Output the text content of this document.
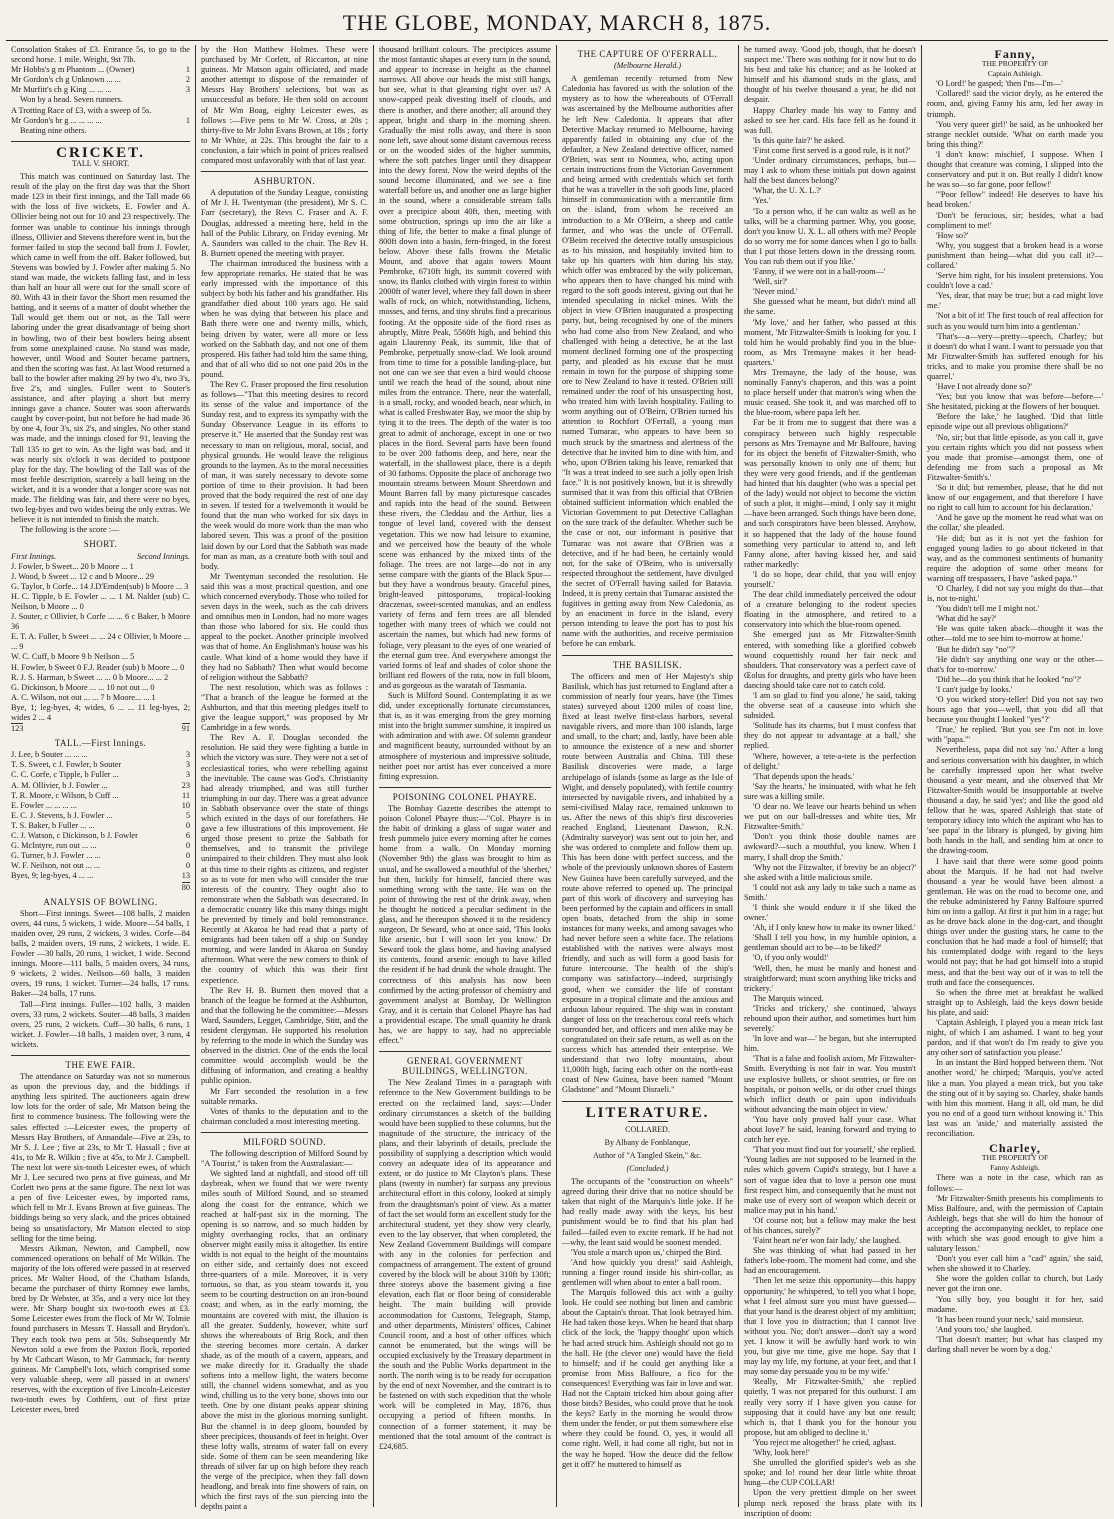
THE GLOBE, MONDAY, MARCH 8, 1875.

Consolation Stakes of £3. Entrance 5s, to go to the second horse. 1 mile. Weight, 9st 7lb.

Mr Hobbs's g m Phantom ... (Owner)	1
Mr Gordon's ch g Unknown ... ...	2
Mr Murfitt's ch g King ... ... ...	3

Won by a head. Seven runners.

A Trotting Race of £3, with a sweep of 5s.

Mr Gordon's br g ... ... ... ...	1

Beating nine others.

CRICKET.
TALL V. SHORT.

This match was continued on Saturday last. The result of the play on the first day was that the Short made 123 in their first innings, and the Tall made 66 with the loss of five wickets, E. Fowler and A. Ollivier being not out for 10 and 23 respectively. The former was unable to continue his innings through illness, Ollivier and Stevens therefore went in, but the former failed to stop the second ball from J. Fowler, which came in well from the off. Baker followed, but Stevens was bowled by J. Fowler after making 5. No stand was made, the wickets falling fast, and in less than half an hour all were out for the small score of 80. With 43 in their favor the Short men resumed the batting, and it seems of a matter of doubt whether the Tall would get them out or not, as the Tall were laboring under the great disadvantage of being short in bowling, two of their best bowlers being absent from some unexplained cause. No stand was made, however, until Wood and Souter became partners, and then the scoring was fast. At last Wood returned a ball to the bowler after making 29 by two 4's, two 3's, five 2's, and singles. Fuller went to Souter's assistance, and after playing a short but merry innings gave a chance. Souter was soon afterwards caught by cover-point, but not before he had made 36 by one 4, four 3's, six 2's, and singles. No other stand was made, and the innings closed for 91, leaving the Tall 135 to get to win. As the light was bad, and it was nearly six o'clock it was decided to postpone play for the day. The bowling of the Tall was of the most feeble description, scarcely a ball being on the wicket, and it is a wonder that a longer score was not made. The fielding was fair, and there were no byes, two leg-byes and two wides being the only extras. We believe it is not intended to finish the match.

The following is the score :—

SHORT.
First Innings.	Second Innings.

J. Fowler, b Sweet... 20 b Moore ... 1

J. Wood, b Sweet ... 12 c and b Moore... 29

G. Taylor, b Corfe... 14 J.D'Emden(sub) b Moore ... 3

H. C. Tipple, b E. Fowler ... ... 1 M. Nalder (sub) C. Neilson, b Moore ... 0

J. Souter, c Ollivier, b Corfe ... ... 6 c Baker, b Moore 36

E. T. A. Fuller, b Sweet ... ... 24 c Ollivier, b Moore ... ... 9

W. C. Cuff, b Moore 9 b Neilson ... 5

H. Fowler, b Sweet 0 F.J. Reader (sub) b Moore ... 0

R. J. S. Harman, b Sweet ... ... 0 b Moore... ... 2

G. Dickinson, b Moore ... ... 10 not out ... 0

A. C. Wilson, not out ... ... 7 b Moore... ... 1

Bye, 1; leg-byes, 4; wides, 6 ... ... 11 leg-byes, 2; wides 2 ... 4

123	91
TALL.—First Innings.
J. Lee, b Souter ... ... ...	3
T. S. Sweet, c J. Fowler, b Souter	3
C. C. Corfe, c Tipple, b Fuller ...	3
A. M. Ollivier, b J. Fowler ...	23
T. R. Moore, c Wilson, b Cuff ...	11
E. Fowler ... ... ... ...	10
E. C. J. Stevens, b J. Fowler ...	5
T. S. Baker, b Fuller ... ...	0
C. J. Watson, c Dickinson, b J. Fowler	6
G. McIntyre, run out ... ...	0
G. Turner, b J. Fowler ... ...	0
W. F. Neilson, not out ... ...	0
Byes, 9; leg-byes, 4 ... ...	13
80
ANALYSIS OF BOWLING.

Short—First innings. Sweet—108 balls, 2 maiden overs, 44 runs, 5 wickets, 1 wide. Moore—54 balls, 1 maiden over, 29 runs, 2 wickets, 3 wides. Corfe—84 balls, 2 maiden overs, 19 runs, 2 wickets, 1 wide. E. Fowler —30 balls, 20 runs, 1 wicket, 1 wide. Second innings. Moore—111 balls, 5 maiden overs, 34 runs, 9 wickets, 2 wides. Neilson—60 balls, 3 maiden overs, 19 runs, 1 wicket. Turner—24 balls, 17 runs. Baker—24 balls, 17 runs.

Tall—First innings. Fuller—102 balls, 3 maiden overs, 33 runs, 2 wickets. Souter—48 balls, 3 maiden overs, 25 runs, 2 wickets. Cuff—30 balls, 6 runs, 1 wicket. J. Fowler—18 balls, 1 maiden over, 3 runs, 4 wickets.

THE EWE FAIR.

The attendance on Saturday was not so numerous as upon the previous day, and the biddings if anything less spirited. The auctioneers again drew low lots for the order of sale, Mr Matson being the first to commence business. The following were the sales effected :—Leicester ewes, the property of Messrs Hay Brothers, of Annandale—Five at 23s, to Mr S. J. Lee ; five at 23s, to Mr T. Hassall ; five at 41s, to Mr R. Wilkin ; five at 45s, to Mr J. Campbell. The next lot were six-tooth Leicester ewes, of which Mr J. Lee secured two pens at five guineas, and Mr Corlett two pens at the same figure. The next lot was a pen of five Leicester ewes, by imported rams, which fell to Mr J. Evans Brown at five guineas. The biddings being so very slack, and the prices obtained being so unsatisfactory, Mr Matson elected to stop selling for the time being.

Messrs Aikman, Newton, and Campbell, now commenced operations on behalf of Mr Wilkin. The majority of the lots offered were passed in at reserved prices. Mr Walter Hood, of the Chatham Islands, became the purchaser of thirty Romney ewe lambs, bred by Dr Webster, at 35s, and a very nice lot they were. Mr Sharp bought six two-tooth ewes at £3. Some Leicester ewes from the flock of Mr W. Tolmie found purchasers in Messrs T. Hassall and Brydon's. They each took two pens at 50s. Subsequently Mr Newton sold a ewe from the Paxton flock, reported by Mr Cathcart Wason, to Mr Gammack, for twenty guineas. Mr Campbell's lots, which comprised some very valuable sheep, were all passed in at owners' reserves, with the exception of five Lincoln-Leicester two-tooth ewes by Cothfern, out of first prize Leicester ewes, bred

by the Hon Matthew Holmes. These were purchased by Mr Corlett, of Riccarton, at nine guineas. Mr Matson again officiated, and made another attempt to dispose of the remainder of Messrs Hay Brothers' selections, but was as unsuccessful as before. He then sold on account of Mr Wm Boag, eighty Leicester ewes, as follows :—Five pens to Mr W. Cross, at 20s ; thirty-five to Mr John Evans Brown, at 18s ; forty to Mr White, at 22s. This brought the fair to a conclusion, a fair which in point of prices realised compared most unfavorably with that of last year.

ASHBURTON.

A deputation of the Sunday League, consisting of Mr J. H. Twentyman (the president), Mr S. C. Farr (secretary), the Revs C. Fraser and A. F. Douglas, addressed a meeting here, held in the hall of the Public Library, on Friday evening. Mr A. Saunders was called to the chair. The Rev H. B. Burnett opened the meeting with prayer.

The chairman introduced the business with a few appropriate remarks. He stated that he was early impressed with the importance of this subject by both his father and his grandfather. His grandfather died about 100 years ago. He said when he was dying that between his place and Bath there were one and twenty mills, which, being driven by water, were all more or less worked on the Sabbath day, and not one of them prospered. His father had told him the same thing, and that of all who did so not one paid 20s in the pound.

The Rev C. Fraser proposed the first resolution as follows—"That this meeting desires to record its sense of the value and importance of the Sunday rest, and to express its sympathy with the Sunday Observance League in its efforts to preserve it." He asserted that the Sunday rest was necessary to man on religious, moral, social, and physical grounds. He would leave the religious grounds to the laymen. As to the moral necessities of man, it was surely necessary to devote some portion of time to their provision. It had been proved that the body required the rest of one day in seven. If tested for a twelvemonth it would be found that the man who worked for six days in the week would do more work than the man who labored seven. This was a proof of the position laid down by our Lord that the Sabbath was made for man as man, as a creature both with soul and body.

Mr Twentyman seconded the resolution. He said this was a most practical question, and one which concerned everybody. Those who toiled for seven days in the week, such as the cab drivers and omnibus men in London, had no more wages than those who labored for six. He could thus appeal to the pocket. Another principle involved was that of home. An Englishman's house was his castle. What kind of a home would they have if they had no Sabbath? Then what would become of religion without the Sabbath?

The next resolution, which was as follows : "That a branch of the league be formed at the Ashburton, and that this meeting pledges itself to give the league support," was proposed by Mr Cambridge in a few words.

The Rev A. F. Douglas seconded the resolution. He said they were fighting a battle in which the victory was sure. They were not a set of ecclesiastical tories, who were rebelling against the inevitable. The cause was God's. Christianity had already triumphed, and was still further triumphing in our day. There was a great advance in Sabbath observance over the state of things which existed in the days of our forefathers. He gave a few illustrations of this improvement. He urged those present to prize the Sabbath for themselves, and to transmit the privilege unimpaired to their children. They must also look at this time to their rights as citizens, and register so as to vote for men who will consider the true interests of the country. They ought also to remonstrate when the Sabbath was desecrated. In a democratic country like this many things might be prevented by timely and bold remonstrance. Recently at Akaroa he had read that a party of emigrants had been taken off a ship on Sunday morning, and were landed in Akaroa on Sunday afternoon. What were the new comers to think of the country of which this was their first experience.

The Rev H. B. Burnett then moved that a branch of the league be formed at the Ashburton, and that the following be the committee:—Messrs Ward, Saunders, Legget, Cambridge, Stitt, and the resident clergyman. He supported his resolution by referring to the mode in which the Sunday was observed in the district. One of the ends the local committee would accomplish would be the diffusing of information, and creating a healthy public opinion.

Mr Farr seconded the resolution in a few suitable remarks.

Votes of thanks to the deputation and to the chairman concluded a most interesting meeting.

MILFORD SOUND.

The following description of Milford Sound by "A Tourist," is taken from the Australasian:—

We sighted land at nightfall, and stood off till daybreak, when we found that we were twenty miles south of Milford Sound, and so steamed along the coast for the entrance, which we reached at half-past six in the morning. The opening is so narrow, and so much hidden by mighty overhanging rocks, that an ordinary observer might easily miss it altogether. Its entire width is not equal to the height of the mountains on either side, and certainly does not exceed three-quarters of a mile. Moreover, it is very tortuous, so that, as you steam towards it, you seem to be courting destruction on an iron-bound coast; and when, as in the early morning, the mountains are covered with mist, the illusion is all the greater. Suddenly, however, white surf shows the whereabouts of Brig Rock, and then the steering becomes more certain. A darker shade, as of the mouth of a cavern, appears, and we make directly for it. Gradually the shade softens into a mellow light, the waters become still, the channel widens somewhat, and as you wind, chilling us to the very bone, shows into our teeth. One by one distant peaks appear shining above the mist in the glorious morning sunlight. But the channel is in deep gloom, bounded by sheer precipices, thousands of feet in height. Over these lofty walls, streams of water fall on every side. Some of them can be seen meandering like threads of silver far up on high before they reach the verge of the precipice, when they fall down headlong, and break into fine showers of rain, on which the first rays of the sun piercing into the depths paint a

thousand brilliant colours. The precipices assume the most fantastic shapes at every turn in the sound, and appear to increase in height as the channel narrows. All above our heads the mist still hangs, but see, what is that gleaming right over us? A snow-capped peak divesting itself of clouds, and there is another, and there another; all around they appear, bright and sharp in the morning sheen. Gradually the mist rolls away, and there is soon none left, save about some distant cavernous recess or on the wooded sides of the higher summits, where the soft patches linger until they disappear into the dewy forest. Now the weird depths of the sound become illuminated, and we see a fine waterfall before us, and another one as large higher in the sound, where a considerable stream falls over a precipice about 40ft, then, meeting with some obstruction, springs up into the air like a thing of life, the better to make a final plunge of 800ft down into a basin, fern-fringed, in the forest below. Above these falls frowns the Metalic Mount, and above that again towers Mount Pembroke, 6710ft high, its summit covered with snow, its flanks clothed with virgin forest to within 2000ft of water level, where they fall down in sheer walls of rock, on which, notwithstanding, lichens, mosses, and ferns, and tiny shrubs find a precarious footing. At the opposite side of the fiord rises as abruptly, Mitre Peak, 5560ft high, and behind this again Llaurenny Peak, its summit, like that of Pembroke, perpetually snow-clad. We look around from time to time for a possible landing-place, but not one can we see that even a bird would choose until we reach the head of the sound, about nine miles from the entrance. There, near the waterfall, is a small, rocky, and wooded beach, near which, in what is called Freshwater Bay, we moor the ship by tying it to the trees. The depth of the water is too great to admit of anchorage, except in one or two places in the fiord. Several parts have been found to be over 200 fathoms deep, and here, near the waterfall, in the shallowest place, there is a depth of 30 fathoms. Opposite the place of anchorage two mountain streams between Mount Sheerdown and Mount Barren fall by many picturesque cascades and rapids into the head of the sound. Between these rivers, the Cleddau and the Arthur, lies a tongue of level land, covered with the densest vegetation. This we now had leisure to examine, and we perceived how the beauty of the whole scene was enhanced by the mixed tints of the foliage. The trees are not large—do not in any sense compare with the giants of the Black Spur—but they have a wondrous beauty. Graceful pines, bright-leaved pittosporums, tropical-looking draczenas, sweet-scented manukas, and an endless variety of ferns and fern trees are all blended together with many trees of which we could not ascertain the names, but which had new forms of foliage, very pleasant to the eyes of one wearied of the eternal gum tree. And everywhere amongst the varied forms of leaf and shades of color shone the brilliant red flowers of the rata, now in full bloom, and as gorgeous as the waratah of Tasmania.

Such is Milford Sound. Contemplating it as we did, under exceptionally fortunate circumstances, that is, as it was emerging from the grey morning mist into the bright summer sunshine, it inspired us with admiration and with awe. Of solemn grandeur and magnificent beauty, surrounded without by an atmosphere of mysterious and impressive solitude, neither poet nor artist has ever conceived a more fitting expression.

POISONING COLONEL PHAYRE.

The Bombay Gazette describes the attempt to poison Colonel Phayre thus:—"Col. Phayre is in the habit of drinking a glass of sugar water and fresh pummelo juice every morning after he comes home from a walk. On Monday morning (November 9th) the glass was brought to him as usual, and he swallowed a mouthful of the 'sherbet,' but then, luckily for himself, fancied there was something wrong with the taste. He was on the point of throwing the rest of the drink away, when he thought he noticed a peculiar sediment in the glass, and he thereupon showed it to the residency surgeon, Dr Seward, who at once said, 'This looks like arsenic, but I will soon let you know.' Dr Seward took the glass home, and having analysed its contents, found arsenic enough to have killed the resident if he had drunk the whole draught. The correctness of this analysis has now been confirmed by the acting professor of chemistry and government analyst at Bombay, Dr Wellington Gray, and it is certain that Colonel Phayre has had a providential escape. The small quantity he drank has, we are happy to say, had no appreciable effect."

GENERAL GOVERNMENT BUILDINGS, WELLINGTON.

The New Zealand Times in a paragraph with reference to the New Government buildings to be erected on the reclaimed land, says:—Under ordinary circumstances a sketch of the building would have been supplied to these columns, but the magnitude of the structure, the intricacy of the plans, and their labyrinth of details, preclude the possibility of supplying a description which would convey an adequate idea of its appearance and extent, or do justice to Mr Clayton's plans. These plans (twenty in number) far surpass any previous architectural effort in this colony, looked at simply from the draughtsman's point of view. As a matter of fact the set would form an excellent study for the architectural student, yet they show very clearly, even to the lay observer, that when completed, the New Zealand Government Buildings will compare with any in the colonies for perfection and compactness of arrangement. The extent of ground covered by the block will be about 310ft by 130ft; three storeys above the basement giving a fine elevation, each flat or floor being of considerable height. The main building will provide accommodation for Customs, Telegraph, Stamp, and other departments, Ministers' offices, Cabinet Council room, and a host of other offices which cannot be enumerated, but the wings will be occupied exclusively by the Treasury department in the south and the Public Works department in the north. The north wing is to be ready for occupation by the end of next November, and the contract is to be fastened on with such expedition that the whole work will be completed in May, 1876, thus occupying a period of fifteen months. In connection of a former statement, it may be mentioned that the total amount of the contract is £24,685.

THE CAPTURE OF O'FERRALL.
(Melbourne Herald.)

A gentleman recently returned from New Caledonia has favored us with the solution of the mystery as to how the whereabouts of O'Ferrall was ascertained by the Melbourne authorities after he left New Caledonia. It appears that after Detective Mackay returned to Melbourne, having apparently failed in obtaining any clue of the defaulter, a New Zealand detective officer, named O'Brien, was sent to Noumea, who, acting upon certain instructions from the Victorian Government and being armed with credentials which set forth that he was a traveller in the soft goods line, placed himself in communication with a mercantile firm on the island, from whom he received an introduction to a Mr O'Beirn, a sheep and cattle farmer, and who was the uncle of O'Ferrall. O'Beirn received the detective totally unsuspicious as to his mission, and hospitably invited him to take up his quarters with him during his stay, which offer was embraced by the wily policeman, who appears then to have changed his mind with regard to the soft goods interest, giving out that he intended speculating in nickel mines. With the object in view O'Brien inaugurated a prospecting party, but, being recognised by one of the miners who had come also from New Zealand, and who challenged with being a detective, he at the last moment declined forming one of the prospecting party, and pleaded as his excuse that he must remain in town for the purpose of shipping some ore to New Zealand to have it tested. O'Brien still remained under the roof of his unsuspecting host, who treated him with lavish hospitality. Failing to worm anything out of O'Beirn, O'Brien turned his attention to Rochfort O'Ferrall, a young man named Tumarac, who appears to have been so much struck by the smartness and alertness of the detective that he invited him to dine with him, and who, upon O'Brien taking his leave, remarked that "It was a treat indeed to see such a jolly open Irish face." It is not positively known, but it is shrewdly surmised that it was from this official that O'Brien obtained sufficient information which enabled the Victorian Government to put Detective Callaghan on the sure track of the defaulter. Whether such be the case or not, our informant is positive that Tumarac was not aware that O'Brien was a detective, and if he had been, he certainly would not, for the sake of O'Beirn, who is universally respected throughout the settlement, have divulged the secret of O'Ferrall having sailed for Batavia. Indeed, it is pretty certain that Tumarac assisted the fugitives in getting away from New Caledonia, as by an enactment in force in the island, every person intending to leave the port has to post his name with the authorities, and receive permission before he can embark.

THE BASILISK.

The officers and men of Her Majesty's ship Basilisk, which has just returned to England after a commission of nearly four years, have (the Times states) surveyed about 1200 miles of coast line, fixed at least twelve first-class harbors, several navigable rivers, and more than 100 islands, large and small, to the chart; and, lastly, have been able to announce the existence of a new and shorter route between Australia and China. Till these Basilisk discoveries were made, a large archipelago of islands (some as large as the Isle of Wight, and densely populated), with fertile country intersected by navigable rivers, and inhabited by a semi-civilised Malay race, remained unknown to us. After the news of this ship's first discoveries reached England, Lieutenant Dawson, R.N. (Admiralty surveyor) was sent out to join her, and she was ordered to complete and follow them up. This has been done with perfect success, and the whole of the previously unknown shores of Eastern New Guinea have been carefully surveyed, and the route above referred to opened up. The principal part of this work of discovery and surveying has been performed by the captain and officers in small open boats, detached from the ship in some instances for many weeks, and among savages who had never before seen a white face. The relations established with the natives were always most friendly, and such as will form a good basis for future intercourse. The health of the ship's company was satisfactory—indeed, surprisingly good, when we consider the life of constant exposure in a tropical climate and the anxious and arduous labour required. The ship was in constant danger of loss on the treacherous coral reefs which surrounded her, and officers and men alike may be congratulated on their safe return, as well as on the success which has attended their enterprise. We understand that two lofty mountains, about 11,000ft high, facing each other on the north-east coast of New Guinea, have been named "Mount Gladstone" and "Mount Disraeli."

LITERATURE.
COLLARED.
By Albany de Fonblanque,
Author of "A Tangled Skein," &c.
(Concluded.)

The occupants of the "construction on wheels" agreed during their drive that no notice should be taken that night of the Marquis's little joke. If he had really made away with the keys, his best punishment would be to find that his plan had failed—failed even to excite remark. If he had not—why, the least said would be soonest mended.

'You stole a march upon us,' chirped the Bird.

'And how quickly you dress!' said Ashleigh, running a finger round inside his shirt-collar, as gentlemen will when about to enter a ball room.

The Marquis followed this act with a guilty look. He could see nothing but linen and cambric about the Captain's throat. That look betrayed him. He had taken those keys. When he heard that sharp click of the lock, the 'happy thought' upon which he had acted struck him. Ashleigh should not go to the ball. He (the clever one) would have the field to himself; and if he could get anything like a promise from Miss Balfoure, a fico for the consequences! Everything was fair in love and war. Had not the Captain tricked him about going after those birds? Besides, who could prove that he took the keys? Early in the morning he would throw them under the fender, or put them somewhere else where they could be found. O, yes, it would all come right. Well, it had come all right, but not in the way he hoped. 'How the deuce did the fellow get it off?' he muttered to himself as

he turned away. 'Good job, though, that he doesn't suspect me.' There was nothing for it now but to do his best and take his chance; and as he looked at himself and his diamond studs in the glass, and thought of his twelve thousand a year, he did not despair.

Happy Charley made his way to Fanny and asked to see her card. His face fell as he found it was full.

'Is this quite fair?' he asked.

'First come first served is a good rule, is it not?'

'Under ordinary circumstances, perhaps, but—may I ask to whom these initials put down against half the best dances belong?'

'What, the U. X. L.?'

'Yes.'

'To a person who, if he can waltz as well as he talks, will be a charming partner. Why, you goose, don't you know U. X. L. all others with me? People do so worry me for some dances when I go to balls that I put those letters down in the dressing room. You can rub them out if you like.'

'Fanny, if we were not in a ball-room—'

'Well, sir?'

'Never mind.'

She guessed what he meant, but didn't mind all the same.

'My love,' and her father, who passed at this moment, 'Mr Fitzwalter-Smith is looking for you. I told him he would probably find you in the blue-room, as Mrs Tremayne makes it her head-quarters.'

Mrs Tremayne, the lady of the house, was nominally Fanny's chaperon, and this was a point to place herself under that matron's wing when the music ceased. She took it, and was marched off to the blue-room, where papa left her.

Far be it from me to suggest that there was a conspiracy between such highly respectable persons as Mrs Tremayne and Mr Balfoure, having for its object the benefit of Fitzwalter-Smith, who was personally known to only one of them; but they were very good friends, and if the gentleman had hinted that his daughter (who was a special pet of the lady) would not object to become the victim of such a plot, it might—mind, I only say it might—have been arranged. Such things have been done, and such conspirators have been blessed. Anyhow, it so happened that the lady of the house found something very particular to attend to, and left Fanny alone, after having kissed her, and said rather markedly:

'I do so hope, dear child, that you will enjoy yourself.'

The dear child immediately perceived the odour of a creature belonging to the rodent species floating in the atmosphere, and retired to a conservatory into which the blue-room opened.

She emerged just as Mr Fitzwalter-Smith entered, with something like a glorified cobweb wound coquettishly round her fair neck and shoulders. That conservatory was a perfect cave of Œolus for draughts, and pretty girls who have been dancing should take care not to catch cold.

'I am so glad to find you alone,' he said, taking the obverse seat of a causeuse into which she subsided.

'Solitude has its charms, but I must confess that they do not appear to advantage at a ball,' she replied.

'Where, however, a tete-a-tete is the perfection of delight.'

'That depends upon the heads.'

'Say the hearts,' he insinuated, with what he felt sure was a killing smile.

'O dear no. We leave our hearts behind us when we put on our ball-dresses and white ties, Mr Fitzwalter-Smith.'

'Don't you think those double names are awkward?—such a mouthful, you know. When I marry, I shall drop the Smith.'

'Why not the Fitzwalter, if brevity be an object?' she asked with a little malicious smile.

'I could not ask any lady to take such a name as Smith.'

'I think she would endure it if she liked the owner.'

'Ah, if I only knew how to make its owner liked.'

'Shall I tell you how, in my humble opinion, a gentleman should act to be—to be liked?'

'O, if you only would!'

'Well, then, he must be manly and honest and straightforward; must scorn anything like tricks and trickery.'

The Marquis winced.

'Tricks and trickery,' she continued, 'always rebound upon their author, and sometimes hurt him severely.'

'In love and war—' he began, but she interrupted him.

'That is a false and foolish axiom, Mr Fitzwalter-Smith. Everything is not fair in war. You mustn't use explosive bullets, or shoot sentries, or fire on hospitals, or poison wells, or do other cruel things which inflict death or pain upon individuals without advancing the main object in view.'

'You have only proved half your case. What about love?' he said, leaning forward and trying to catch her eye.

'That you must find out for yourself,' she replied. 'Young ladies are not supposed to be learned in the rules which govern Cupid's strategy, but I have a sort of vague idea that to love a person one must first respect him, and consequently that he must not make use of every sort of weapon which deceit or malice may put in his hand.'

'Of course not; but a fellow may make the best of his chances, surely?'

'Faint heart ne'er won fair lady,' she laughed.

She was thinking of what had passed in her father's lobe-room. The moment had come, and she had an encouragement.

'Then let me seize this opportunity—this happy opportunity,' he whispered, 'to tell you what I hope, what I feel almost sure you must have guessed—that your hand is the dearest object of my ambition; that I love you to distraction; that I cannot live without you. No; don't answer—don't say a word yet. I know it will be awfully hard work to win you, but give me time, give me hope. Say that I may lay my life, my fortune, at your feet, and that I may some day persuade you to be my wife.'

'Really, Mr Fitzwalter-Smith,' she replied quietly, 'I was not prepared for this outburst. I am really very sorry if I have given you cause for supposing that it could have any but one result; which is, that I thank you for the honour you propose, but am obliged to decline it.'

'You reject me altogether!' he cried, aghast.

'Why, look here!'

She unrolled the glorified spider's web as she spoke; and lo! round her dear little white throat hung—the CUP COLLAR!

Upon the very prettiest dimple on her sweet plump neck reposed the brass plate with its inscription of doom:

Fanny,
THE PROPERTY OF
Captain Ashleigh.

'O Lord!' he gasped; 'then I'm—I'm—'

'Collared!' said the victor dryly, as he entered the room, and, giving Fanny his arm, led her away in triumph.

'You very queer girl!' he said, as he unhooked her strange necklet outside. 'What on earth made you bring this thing?'

'I don't know: mischief, I suppose. When I thought that creature was coming, I slipped into the conservatory and put it on. But really I didn't know he was so—so far gone, poor fellow!'

'"Poor fellow" indeed! He deserves to have his head broken.'

'Don't be ferocious, sir; besides, what a bad compliment to me!'

'How so?'

'Why, you suggest that a broken head is a worse punishment than being—what did you call it?—collared.'

'Serve him right, for his insolent pretensions. You couldn't love a cad.'

'Yes, dear, that may be true; but a cad might love me.'

'Not a bit of it! The first touch of real affection for such as you would turn him into a gentleman.'

'That's—a—very—pretty—speech, Charley; but it doesn't do what I want. I want to persuade you that Mr Fitzwalter-Smith has suffered enough for his tricks, and to make you promise there shall be no quarrel.'

'Have I not already done so?'

'Yes; but you know that was before—before—' She hesitated, picking at the flowers of her bouquet.

'Before the lake,' he laughed. 'Did that little episode wipe out all previous obligations?'

'No, sir; but that little episode, as you call it, gave you certain rights which you did not possess when you made that promise—amongst them, one of defending me from such a proposal as Mr Fitzwalter-Smith's.'

'So it did; but remember, please, that he did not know of our engagement, and that therefore I have no right to call him to account for his declaration.'

'And he gave up the moment he read what was on the collar,' she pleaded.

'He did; but as it is not yet the fashion for engaged young ladies to go about ticketed in that way, and as the commonest sentiments of humanity require the adoption of some other means for warning off trespassers, I have "asked papa."'

'O Charley, I did not say you might do that—that is, not to-night.'

'You didn't tell me I might not.'

'What did he say?'

'He was quite taken aback—thought it was the other—told me to see him to-morrow at home.'

'But he didn't say "no"?'

'He didn't say anything one way or the other—that's for to-morrow.'

'Did he—do you think that he looked "no"?'

'I can't judge by looks.'

'O you wicked story-teller! Did you not say two hours ago that you—well, that you did all that because you thought I looked "yes"?'

'True,' he replied. 'But you see I'm not in love with "papa."'

Nevertheless, papa did not say 'no.' After a long and serious conversation with his daughter, in which he carefully impressed upon her what twelve thousand a year meant, and she observed that Mr Fitzwalter-Smith would be insupportable at twelve thousand a day, he said 'yes'; and like the good old fellow that he was, spared Ashleigh that state of temporary idiocy into which the aspirant who has to 'see papa' in the library is plunged, by giving him both hands in the hall, and sending him at once to the drawing-room.

I have said that there were some good points about the Marquis. If he had not had twelve thousand a year he would have been almost a gentleman. He was on the road to become one, and the rebuke administered by Fanny Balfoure spurred him on into a gallop. At first it put him in a rage; but as he drove back alone in the dog-cart, and thought things over under the gusting stars, he came to the conclusion that he had made a fool of himself; that his contemplated dodge with regard to the keys would not pay; that he had got himself into a stupid mess, and that the best way out of it was to tell the truth and face the consequences.

So when the three met at breakfast he walked straight up to Ashleigh, laid the keys down beside his plate, and said:

'Captain Ashleigh, I played you a mean trick last night, of which I am ashamed. I want to beg your pardon, and if that won't do I'm ready to give you any other sort of satisfaction you please.'

In an instant the Bird hopped between them. 'Not another word,' he chirped; 'Marquis, you've acted like a man. You played a mean trick, but you take the sting out of it by saying so. Charley, shake hands with him this moment. Hang it all, old man, he did you no end of a good turn without knowing it.' This last was an 'aside,' and materially assisted the reconciliation.

Charley,
THE PROPERTY OF
Fanny Ashleigh.

There was a note in the case, which ran as follows:—

'Mr Fitzwalter-Smith presents his compliments to Miss Balfoure, and, with the permission of Captain Ashleigh, begs that she will do him the honour of accepting the accompanying necklet, to replace one with which she was good enough to give him a salutary lesson.'

'Don't you ever call him a "cad" again,' she said, when she showed it to Charley.

She wore the golden collar to church, but Lady never got the iron one.

'You silly boy, you bought it for her, said madame.

'It has been round your neck,' said monsieur.

'And yours too,' she laughed.

'That doesn't matter; but what has clasped my darling shall never be worn by a dog.'
